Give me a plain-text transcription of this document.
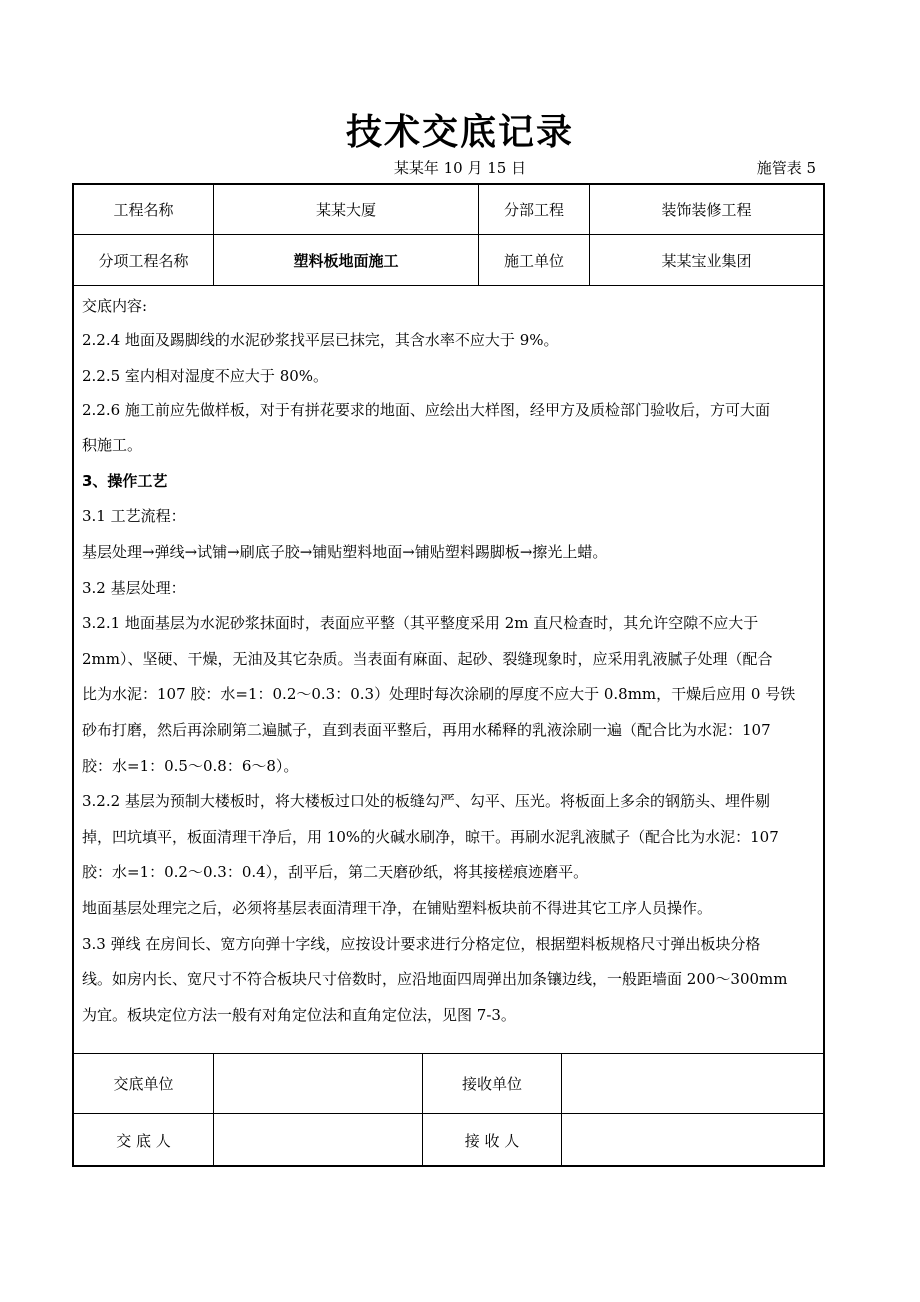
技术交底记录
某某年 10 月 15 日	施管表 5
工程名称	某某大厦	分部工程	装饰装修工程
分项工程名称	塑料板地面施工	施工单位	某某宝业集团
交底内容:
2.2.4 地面及踢脚线的水泥砂浆找平层已抹完，其含水率不应大于 9%。
2.2.5 室内相对湿度不应大于 80%。
2.2.6 施工前应先做样板，对于有拼花要求的地面、应绘出大样图，经甲方及质检部门验收后，方可大面
积施工。
3、操作工艺
3.1 工艺流程：
基层处理→弹线→试铺→刷底子胶→铺贴塑料地面→铺贴塑料踢脚板→擦光上蜡。
3.2 基层处理：
3.2.1 地面基层为水泥砂浆抹面时，表面应平整（其平整度采用 2m 直尺检查时，其允许空隙不应大于
2mm）、坚硬、干燥，无油及其它杂质。当表面有麻面、起砂、裂缝现象时，应采用乳液腻子处理（配合
比为水泥：107 胶：水=1：0.2～0.3：0.3）处理时每次涂刷的厚度不应大于 0.8mm，干燥后应用 0 号铁
砂布打磨，然后再涂刷第二遍腻子，直到表面平整后，再用水稀释的乳液涂刷一遍（配合比为水泥：107
胶：水=1：0.5～0.8：6～8）。
3.2.2 基层为预制大楼板时，将大楼板过口处的板缝勾严、勾平、压光。将板面上多余的钢筋头、埋件剔
掉，凹坑填平，板面清理干净后，用 10%的火碱水刷净，晾干。再刷水泥乳液腻子（配合比为水泥：107
胶：水=1：0.2～0.3：0.4），刮平后，第二天磨砂纸，将其接槎痕迹磨平。
地面基层处理完之后，必须将基层表面清理干净，在铺贴塑料板块前不得进其它工序人员操作。
3.3 弹线 在房间长、宽方向弹十字线，应按设计要求进行分格定位，根据塑料板规格尺寸弹出板块分格
线。如房内长、宽尺寸不符合板块尺寸倍数时，应沿地面四周弹出加条镶边线，一般距墙面 200～300mm
为宜。板块定位方法一般有对角定位法和直角定位法，见图 7-3。
交底单位	接收单位
交 底 人	接 收 人
